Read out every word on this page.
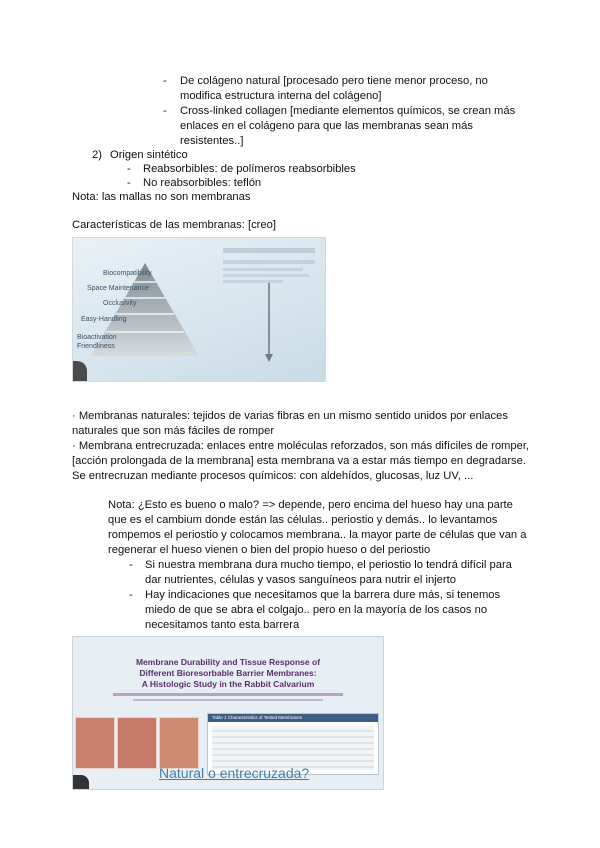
- De colágeno natural [procesado pero tiene menor proceso, no
modifica estructura interna del colágeno]
- Cross-linked collagen [mediante elementos químicos, se crean más
enlaces en el colágeno para que las membranas sean más
resistentes..]
2) Origen sintético
- Reabsorbibles: de polímeros reabsorbibles
- No reabsorbibles: teflón
Nota: las mallas no son membranas
Características de las membranas: [creo]
Biocompatibility
Space Maintenance
Occlusivity
Easy-Handling
Bioactivation
Friendliness
· Membranas naturales: tejidos de varias fibras en un mismo sentido unidos por enlaces
naturales que son más fáciles de romper
· Membrana entrecruzada: enlaces entre moléculas reforzados, son más difíciles de romper,
[acción prolongada de la membrana] esta membrana va a estar más tiempo en degradarse.
Se entrecruzan mediante procesos químicos: con aldehídos, glucosas, luz UV, ...
Nota: ¿Esto es bueno o malo? => depende, pero encima del hueso hay una parte
que es el cambium donde están las células.. periostio y demás.. lo levantamos
rompemos el periostio y colocamos membrana.. la mayor parte de células que van a
regenerar el hueso vienen o bien del propio hueso o del periostio
- Si nuestra membrana dura mucho tiempo, el periostio lo tendrá difícil para
dar nutrientes, células y vasos sanguíneos para nutrir el injerto
- Hay indicaciones que necesitamos que la barrera dure más, si tenemos
miedo de que se abra el colgajo.. pero en la mayoría de los casos no
necesitamos tanto esta barrera
Membrane Durability and Tissue Response of
Different Bioresorbable Barrier Membranes:
A Histologic Study in the Rabbit Calvarium
Table 1 Characteristics of Tested Membranes
Natural o entrecruzada?
